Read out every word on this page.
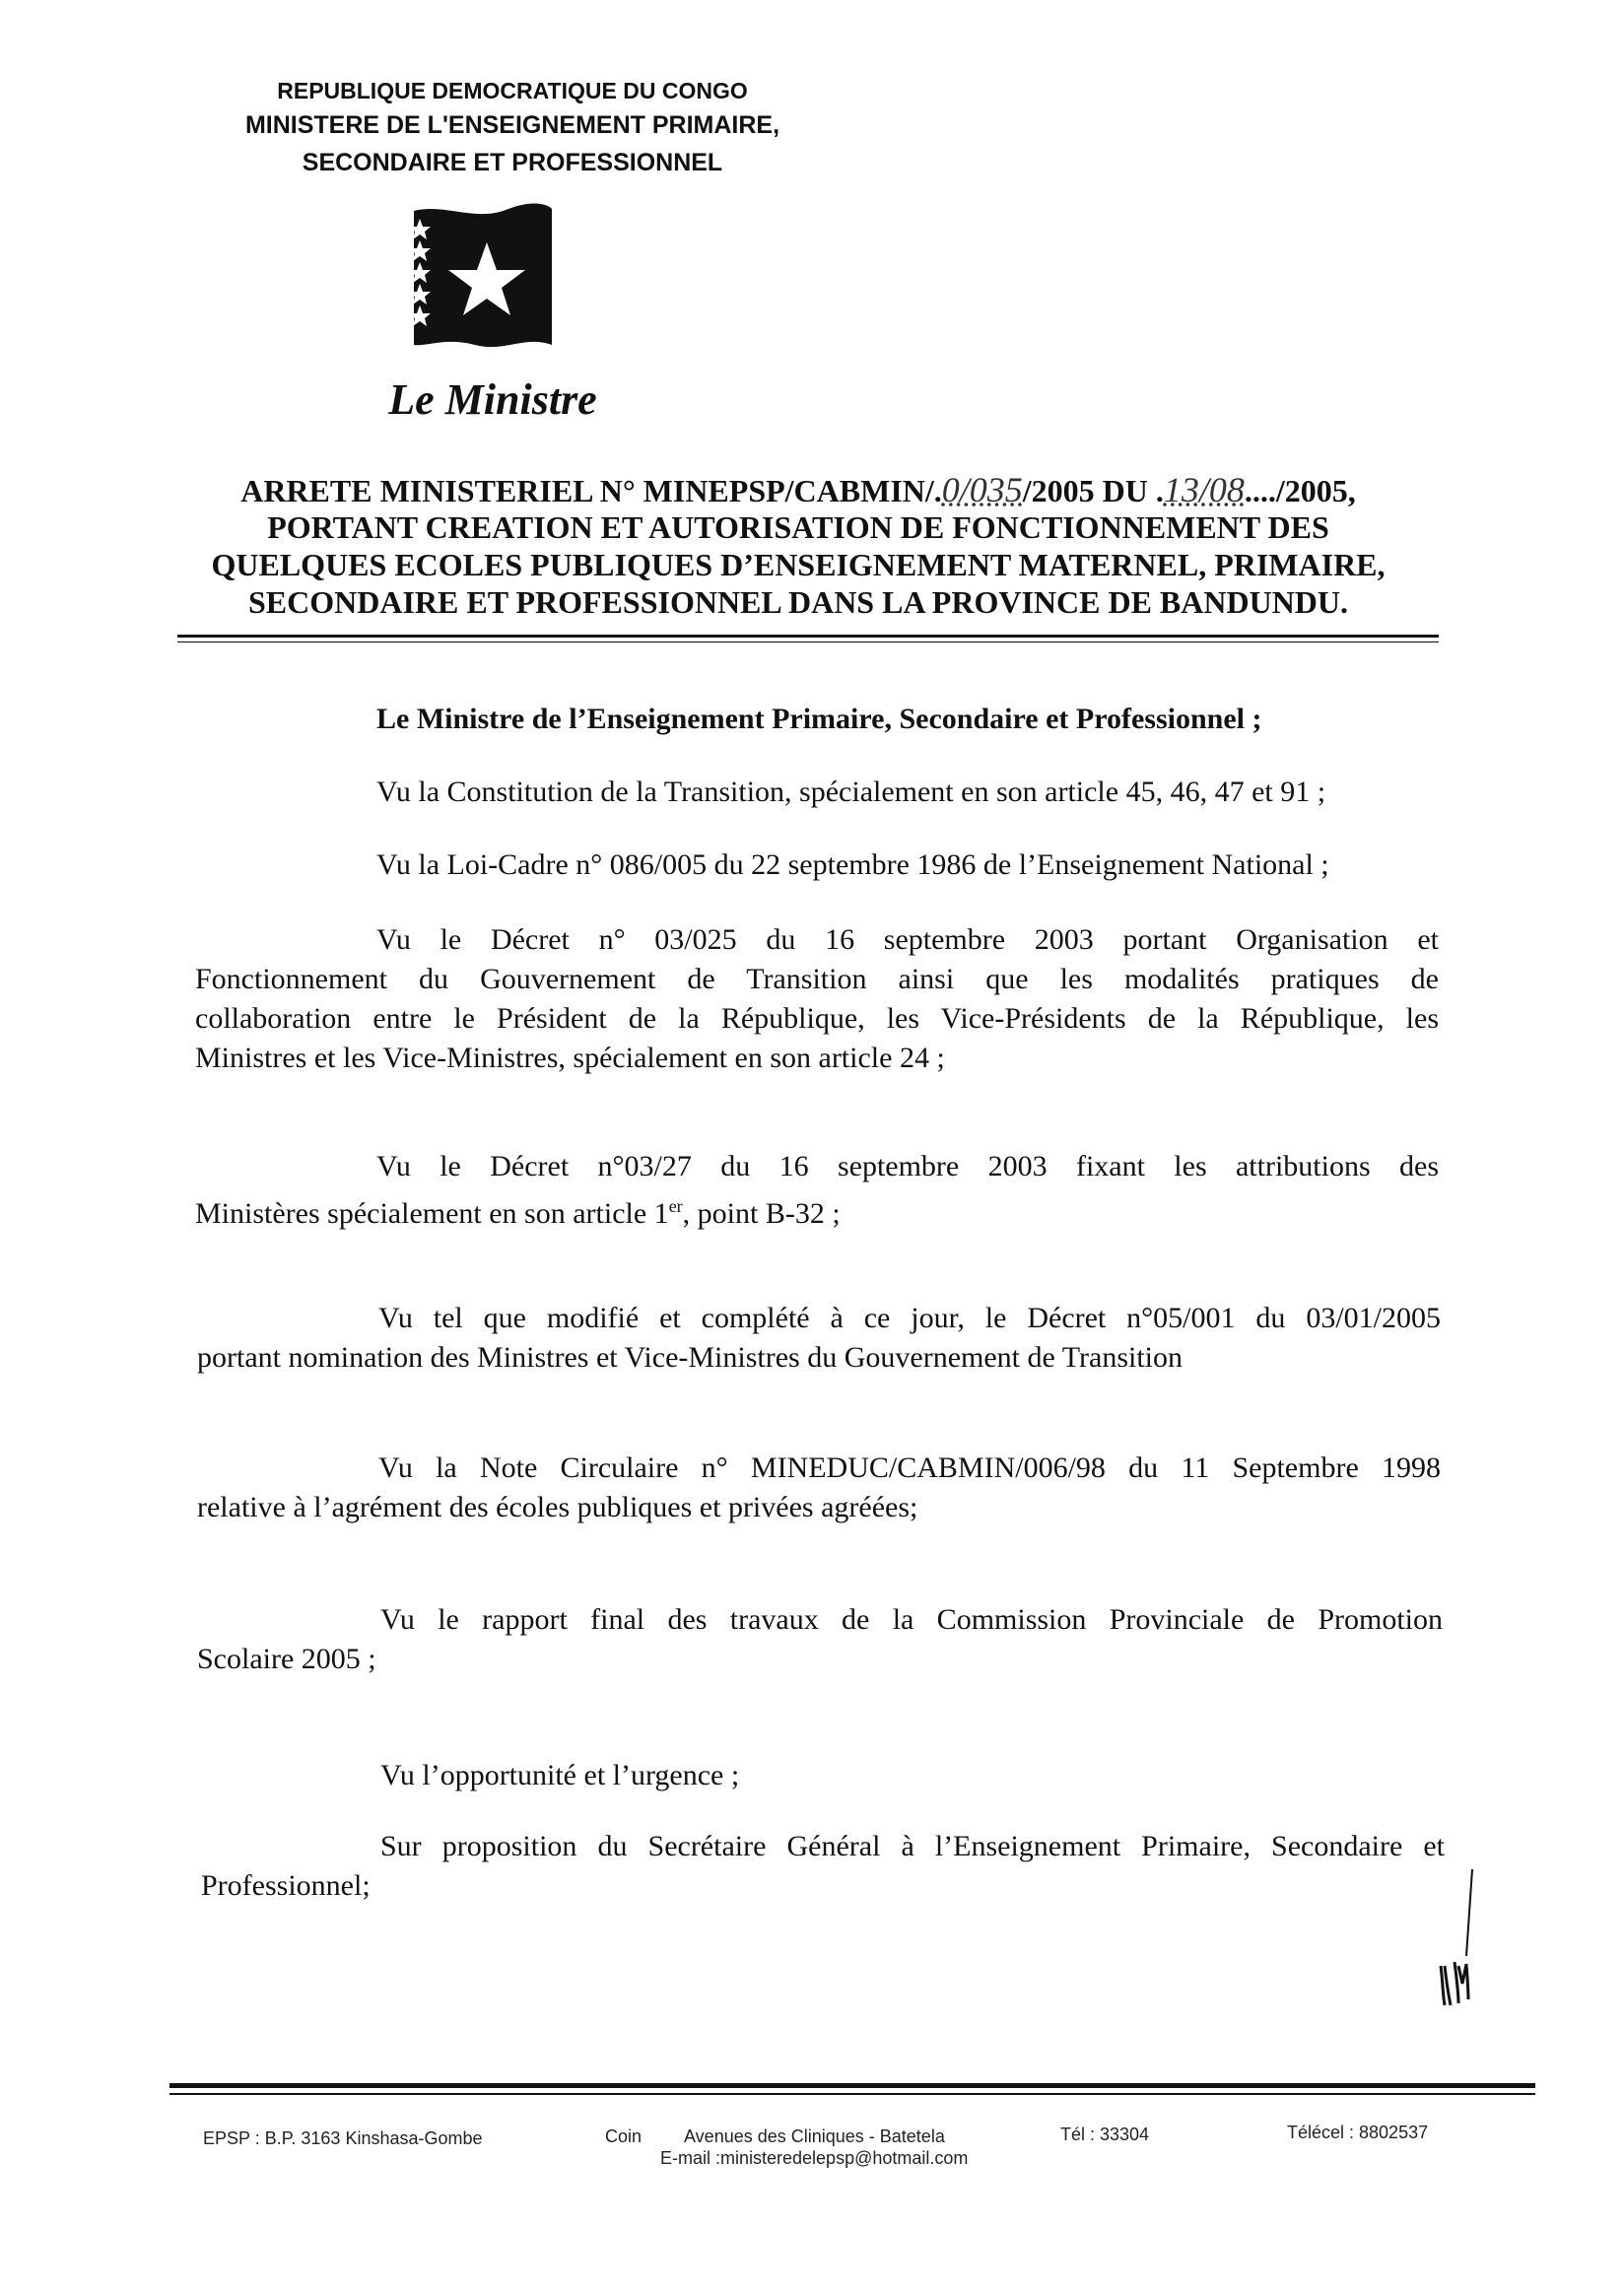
REPUBLIQUE DEMOCRATIQUE DU CONGO
MINISTERE DE L'ENSEIGNEMENT PRIMAIRE,
SECONDAIRE ET PROFESSIONNEL
Le Ministre
ARRETE MINISTERIEL N° MINEPSP/CABMIN/.0/035/2005 DU .13/08..../2005,
PORTANT CREATION ET AUTORISATION DE FONCTIONNEMENT DES
QUELQUES ECOLES PUBLIQUES D’ENSEIGNEMENT MATERNEL, PRIMAIRE,
SECONDAIRE ET PROFESSIONNEL DANS LA PROVINCE DE BANDUNDU.
Le Ministre de l’Enseignement Primaire, Secondaire et Professionnel ;
Vu la Constitution de la Transition, spécialement en son article 45, 46, 47 et 91 ;
Vu la Loi-Cadre n° 086/005 du 22 septembre 1986 de l’Enseignement National ;
Vu le Décret n° 03/025 du 16 septembre 2003 portant Organisation et
Fonctionnement du Gouvernement de Transition ainsi que les modalités pratiques de
collaboration entre le Président de la République, les Vice-Présidents de la République, les
Ministres et les Vice-Ministres, spécialement en son article 24 ;
Vu le Décret n°03/27 du 16 septembre 2003 fixant les attributions des
Ministères spécialement en son article 1er, point B-32 ;
Vu tel que modifié et complété à ce jour, le Décret n°05/001 du 03/01/2005
portant nomination des Ministres et Vice-Ministres du Gouvernement de Transition
Vu la Note Circulaire n° MINEDUC/CABMIN/006/98 du 11 Septembre 1998
relative à l’agrément des écoles publiques et privées agréées;
Vu le rapport final des travaux de la Commission Provinciale de Promotion
Scolaire 2005 ;
Vu l’opportunité et l’urgence ;
Sur proposition du Secrétaire Général à l’Enseignement Primaire, Secondaire et
Professionnel;
EPSP : B.P. 3163 Kinshasa-Gombe	Coin Avenues des Cliniques - Batetela
E-mail :ministeredelepsp@hotmail.com
Tél : 33304	Télécel : 8802537
